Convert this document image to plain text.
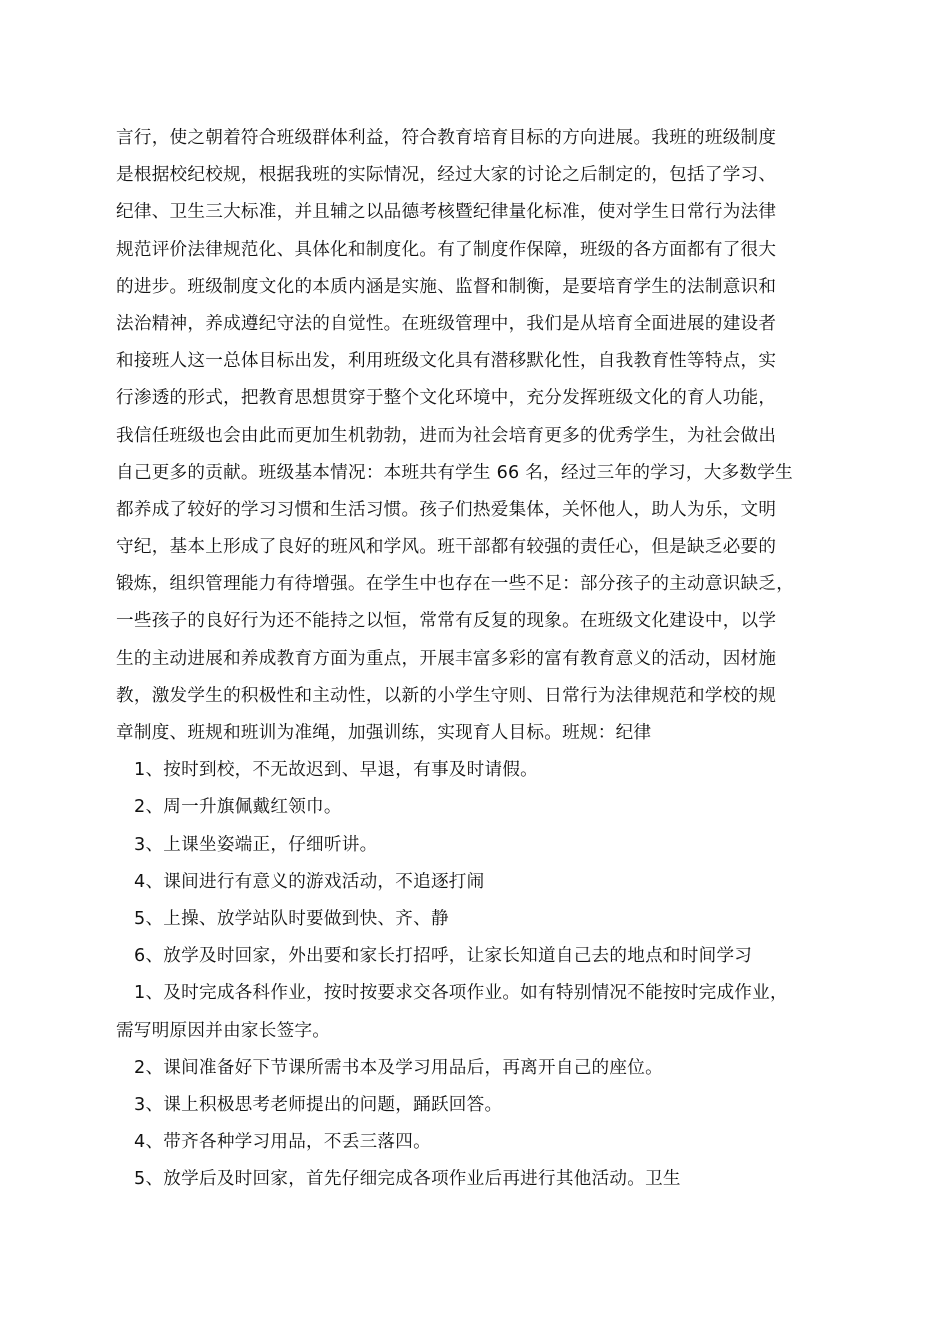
言行，使之朝着符合班级群体利益，符合教育培育目标的方向进展。我班的班级制度
是根据校纪校规，根据我班的实际情况，经过大家的讨论之后制定的，包括了学习、
纪律、卫生三大标准，并且辅之以品德考核暨纪律量化标准，使对学生日常行为法律
规范评价法律规范化、具体化和制度化。有了制度作保障，班级的各方面都有了很大
的进步。班级制度文化的本质内涵是实施、监督和制衡，是要培育学生的法制意识和
法治精神，养成遵纪守法的自觉性。在班级管理中，我们是从培育全面进展的建设者
和接班人这一总体目标出发，利用班级文化具有潜移默化性，自我教育性等特点，实
行渗透的形式，把教育思想贯穿于整个文化环境中，充分发挥班级文化的育人功能，
我信任班级也会由此而更加生机勃勃，进而为社会培育更多的优秀学生，为社会做出
自己更多的贡献。班级基本情况：本班共有学生 66 名，经过三年的学习，大多数学生
都养成了较好的学习习惯和生活习惯。孩子们热爱集体，关怀他人，助人为乐，文明
守纪，基本上形成了良好的班风和学风。班干部都有较强的责任心，但是缺乏必要的
锻炼，组织管理能力有待增强。在学生中也存在一些不足：部分孩子的主动意识缺乏，
一些孩子的良好行为还不能持之以恒，常常有反复的现象。在班级文化建设中，以学
生的主动进展和养成教育方面为重点，开展丰富多彩的富有教育意义的活动，因材施
教，激发学生的积极性和主动性，以新的小学生守则、日常行为法律规范和学校的规
章制度、班规和班训为准绳，加强训练，实现育人目标。班规：纪律
1、按时到校，不无故迟到、早退，有事及时请假。
2、周一升旗佩戴红领巾。
3、上课坐姿端正，仔细听讲。
4、课间进行有意义的游戏活动，不追逐打闹
5、上操、放学站队时要做到快、齐、静
6、放学及时回家，外出要和家长打招呼，让家长知道自己去的地点和时间学习
1、及时完成各科作业，按时按要求交各项作业。如有特别情况不能按时完成作业，
需写明原因并由家长签字。
2、课间准备好下节课所需书本及学习用品后，再离开自己的座位。
3、课上积极思考老师提出的问题，踊跃回答。
4、带齐各种学习用品，不丢三落四。
5、放学后及时回家，首先仔细完成各项作业后再进行其他活动。卫生
